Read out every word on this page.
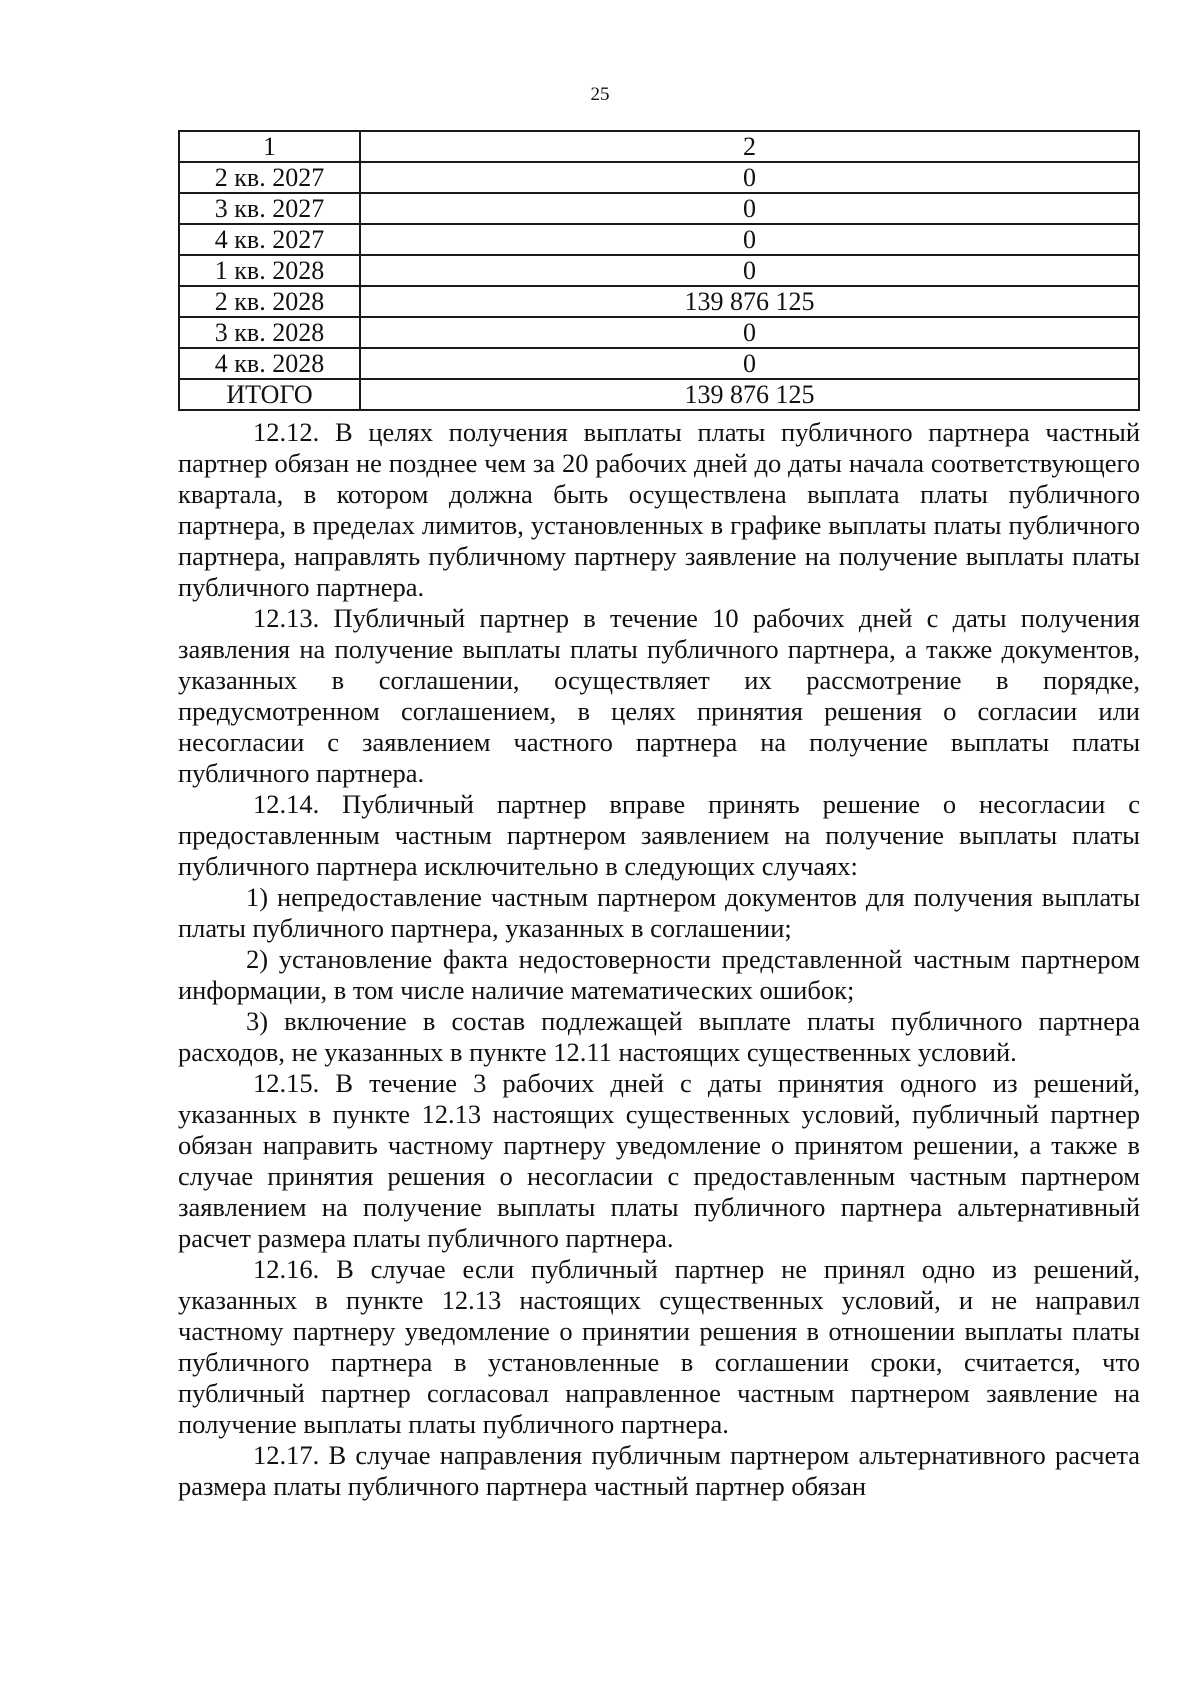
25
1	2
2 кв. 2027	0
3 кв. 2027	0
4 кв. 2027	0
1 кв. 2028	0
2 кв. 2028	139 876 125
3 кв. 2028	0
4 кв. 2028	0
ИТОГО	139 876 125

12.12. В целях получения выплаты платы публичного партнера частный партнер обязан не позднее чем за 20 рабочих дней до даты начала соответствующего квартала, в котором должна быть осуществлена выплата платы публичного партнера, в пределах лимитов, установленных в графике выплаты платы публичного партнера, направлять публичному партнеру заявление на получение выплаты платы публичного партнера.

12.13. Публичный партнер в течение 10 рабочих дней с даты получения заявления на получение выплаты платы публичного партнера, а также документов, указанных в соглашении, осуществляет их рассмотрение в порядке, предусмотренном соглашением, в целях принятия решения о согласии или несогласии с заявлением частного партнера на получение выплаты платы публичного партнера.

12.14. Публичный партнер вправе принять решение о несогласии с предоставленным частным партнером заявлением на получение выплаты платы публичного партнера исключительно в следующих случаях:

1) непредоставление частным партнером документов для получения выплаты платы публичного партнера, указанных в соглашении;

2) установление факта недостоверности представленной частным партнером информации, в том числе наличие математических ошибок;

3) включение в состав подлежащей выплате платы публичного партнера расходов, не указанных в пункте 12.11 настоящих существенных условий.

12.15. В течение 3 рабочих дней с даты принятия одного из решений, указанных в пункте 12.13 настоящих существенных условий, публичный партнер обязан направить частному партнеру уведомление о принятом решении, а также в случае принятия решения о несогласии с предоставленным частным партнером заявлением на получение выплаты платы публичного партнера альтернативный расчет размера платы публичного партнера.

12.16. В случае если публичный партнер не принял одно из решений, указанных в пункте 12.13 настоящих существенных условий, и не направил частному партнеру уведомление о принятии решения в отношении выплаты платы публичного партнера в установленные в соглашении сроки, считается, что публичный партнер согласовал направленное частным партнером заявление на получение выплаты платы публичного партнера.

12.17. В случае направления публичным партнером альтернативного расчета размера платы публичного партнера частный партнер обязан
